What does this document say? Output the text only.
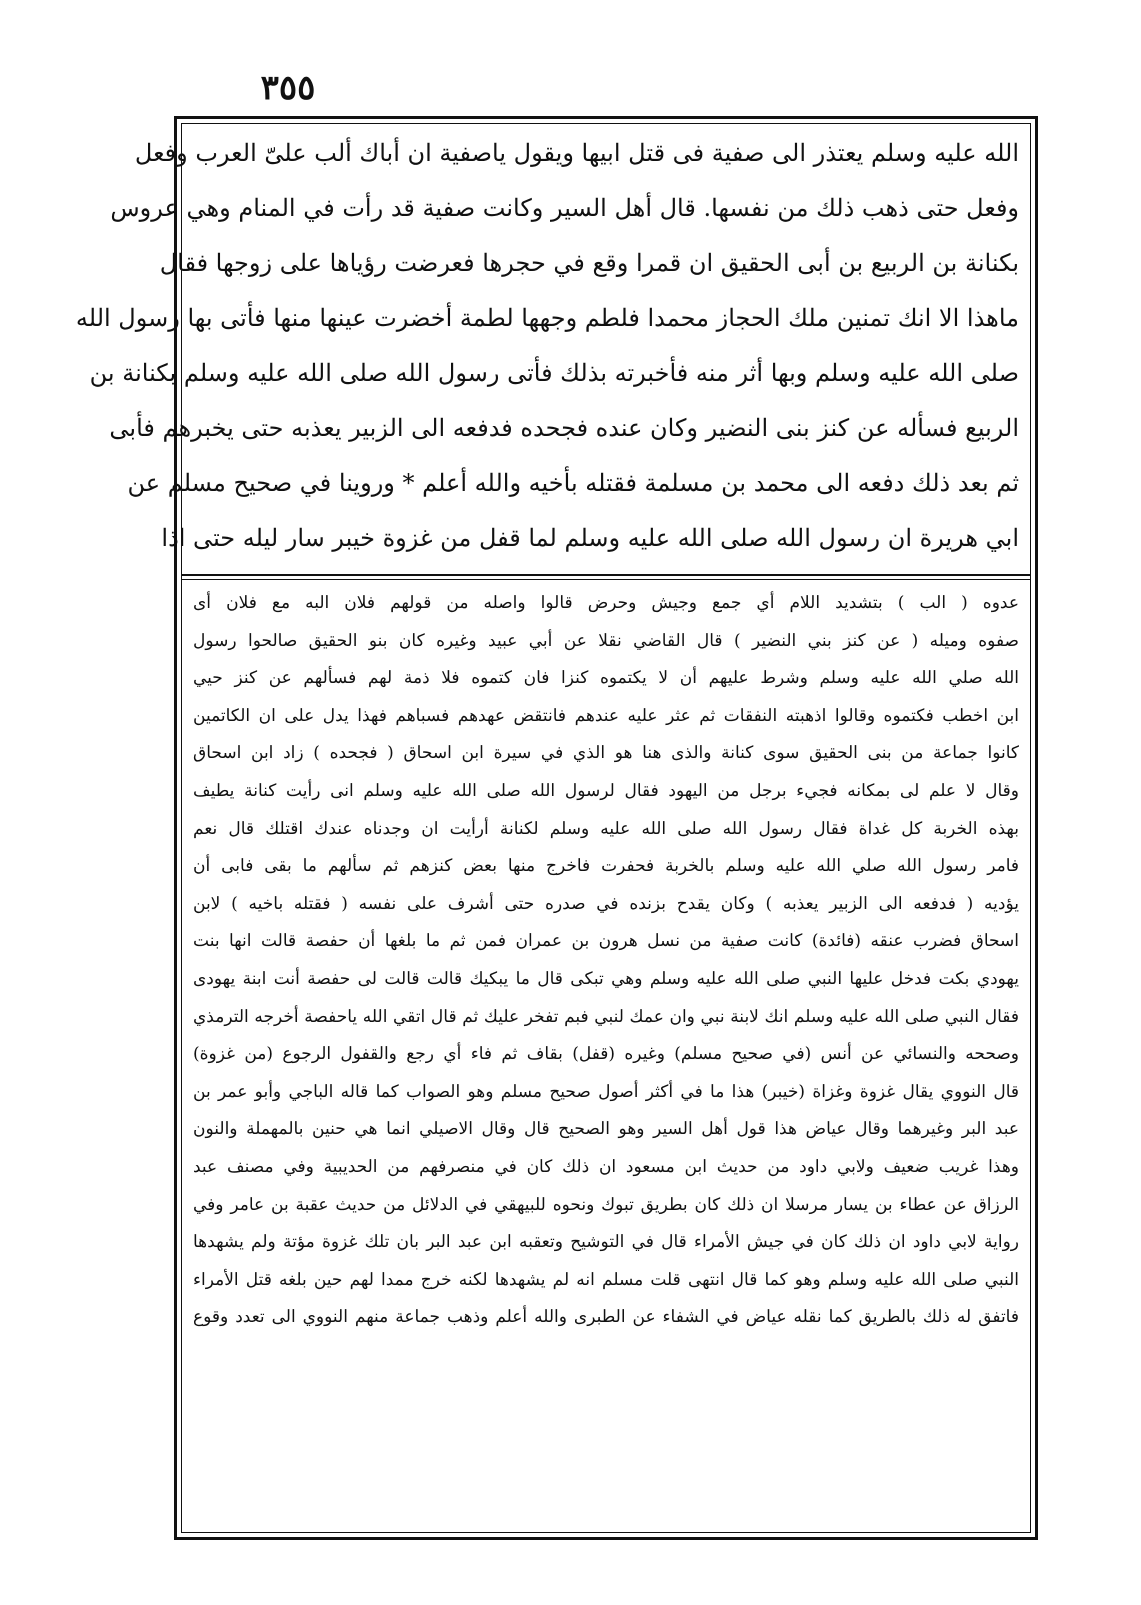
٣٥٥
الله عليه وسلم يعتذر الى صفية فى قتل ابيها ويقول ياصفية ان أباك ألب علىّ العرب وفعل
وفعل حتى ذهب ذلك من نفسها. قال أهل السير وكانت صفية قد رأت في المنام وهي عروس
بكنانة بن الربيع بن أبى الحقيق ان قمرا وقع في حجرها فعرضت رؤياها على زوجها فقال
ماهذا الا انك تمنين ملك الحجاز محمدا فلطم وجهها لطمة أخضرت عينها منها فأتى بها رسول الله
صلى الله عليه وسلم وبها أثر منه فأخبرته بذلك فأتى رسول الله صلى الله عليه وسلم بكنانة بن
الربيع فسأله عن كنز بنى النضير وكان عنده فجحده فدفعه الى الزبير يعذبه حتى يخبرهم فأبى
ثم بعد ذلك دفعه الى محمد بن مسلمة فقتله بأخيه والله أعلم * وروينا في صحيح مسلم عن
ابي هريرة ان رسول الله صلى الله عليه وسلم لما قفل من غزوة خيبر سار ليله حتى اذا
عدوه ( الب ) بتشديد اللام أي جمع وجيش وحرض قالوا واصله من قولهم فلان البه مع فلان أى
صفوه وميله ( عن كنز بني النضير ) قال القاضي نقلا عن أبي عبيد وغيره كان بنو الحقيق صالحوا رسول
الله صلي الله عليه وسلم وشرط عليهم أن لا يكتموه كنزا فان كتموه فلا ذمة لهم فسألهم عن كنز حيي
ابن اخطب فكتموه وقالوا اذهبته النفقات ثم عثر عليه عندهم فانتقض عهدهم فسباهم فهذا يدل على ان الكاتمين
كانوا جماعة من بنى الحقيق سوى كنانة والذى هنا هو الذي في سيرة ابن اسحاق ( فجحده ) زاد ابن اسحاق
وقال لا علم لى بمكانه فجيء برجل من اليهود فقال لرسول الله صلى الله عليه وسلم انى رأيت كنانة يطيف
بهذه الخربة كل غداة فقال رسول الله صلى الله عليه وسلم لكنانة أرأيت ان وجدناه عندك اقتلك قال نعم
فامر رسول الله صلي الله عليه وسلم بالخربة فحفرت فاخرج منها بعض كنزهم ثم سألهم ما بقى فابى أن
يؤديه ( فدفعه الى الزبير يعذبه ) وكان يقدح بزنده في صدره حتى أشرف على نفسه ( فقتله باخيه ) لابن
اسحاق فضرب عنقه (فائدة) كانت صفية من نسل هرون بن عمران فمن ثم ما بلغها أن حفصة قالت انها بنت
يهودي بكت فدخل عليها النبي صلى الله عليه وسلم وهي تبكى قال ما يبكيك قالت قالت لى حفصة أنت ابنة يهودى
فقال النبي صلى الله عليه وسلم انك لابنة نبي وان عمك لنبي فبم تفخر عليك ثم قال اتقي الله ياحفصة أخرجه الترمذي
وصححه والنسائي عن أنس (في صحيح مسلم) وغيره (قفل) بقاف ثم فاء أي رجع والقفول الرجوع (من غزوة)
قال النووي يقال غزوة وغزاة (خيبر) هذا ما في أكثر أصول صحيح مسلم وهو الصواب كما قاله الباجي وأبو عمر بن
عبد البر وغيرهما وقال عياض هذا قول أهل السير وهو الصحيح قال وقال الاصيلي انما هي حنين بالمهملة والنون
وهذا غريب ضعيف ولابي داود من حديث ابن مسعود ان ذلك كان في منصرفهم من الحديبية وفي مصنف عبد
الرزاق عن عطاء بن يسار مرسلا ان ذلك كان بطريق تبوك ونحوه للبيهقي في الدلائل من حديث عقبة بن عامر وفي
رواية لابي داود ان ذلك كان في جيش الأمراء قال في التوشيح وتعقبه ابن عبد البر بان تلك غزوة مؤتة ولم يشهدها
النبي صلى الله عليه وسلم وهو كما قال انتهى قلت مسلم انه لم يشهدها لكنه خرج ممدا لهم حين بلغه قتل الأمراء
فاتفق له ذلك بالطريق كما نقله عياض في الشفاء عن الطبرى والله أعلم وذهب جماعة منهم النووي الى تعدد وقوع
